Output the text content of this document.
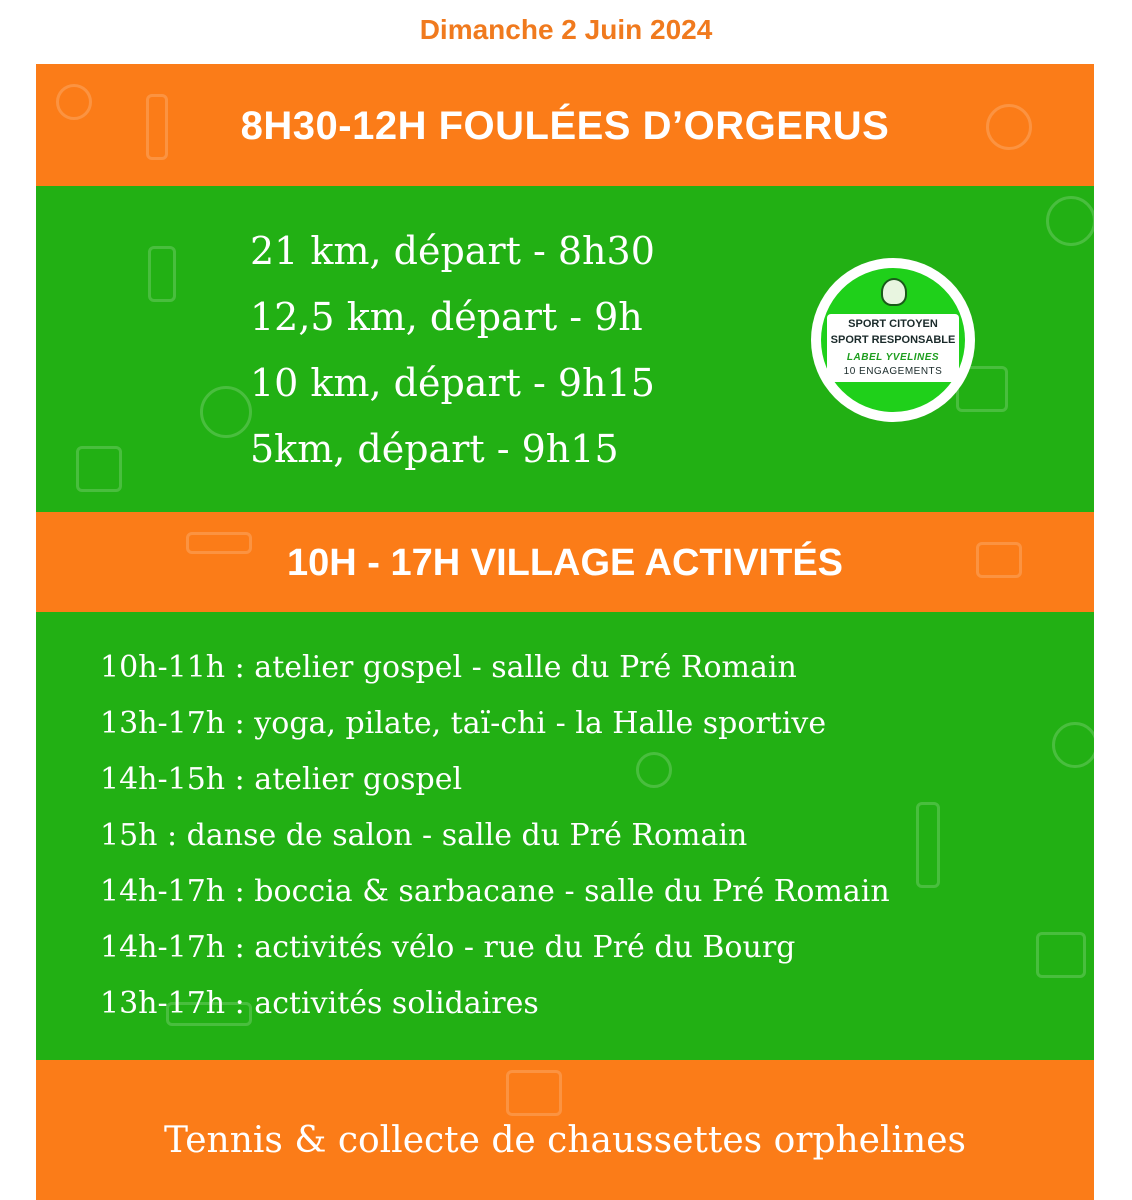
Dimanche 2 Juin 2024
8H30-12H FOULÉES D’ORGERUS
21 km, départ - 8h30
12,5 km, départ - 9h
10 km, départ - 9h15
5km, départ - 9h15
SPORT CITOYEN
SPORT RESPONSABLE
LABEL YVELINES
10 ENGAGEMENTS
10H - 17H VILLAGE ACTIVITÉS
10h-11h : atelier gospel - salle du Pré Romain
13h-17h : yoga, pilate, taï-chi - la Halle sportive
14h-15h : atelier gospel
15h : danse de salon - salle du Pré Romain
14h-17h : boccia & sarbacane - salle du Pré Romain
14h-17h : activités vélo - rue du Pré du Bourg
13h-17h : activités solidaires
Tennis & collecte de chaussettes orphelines
